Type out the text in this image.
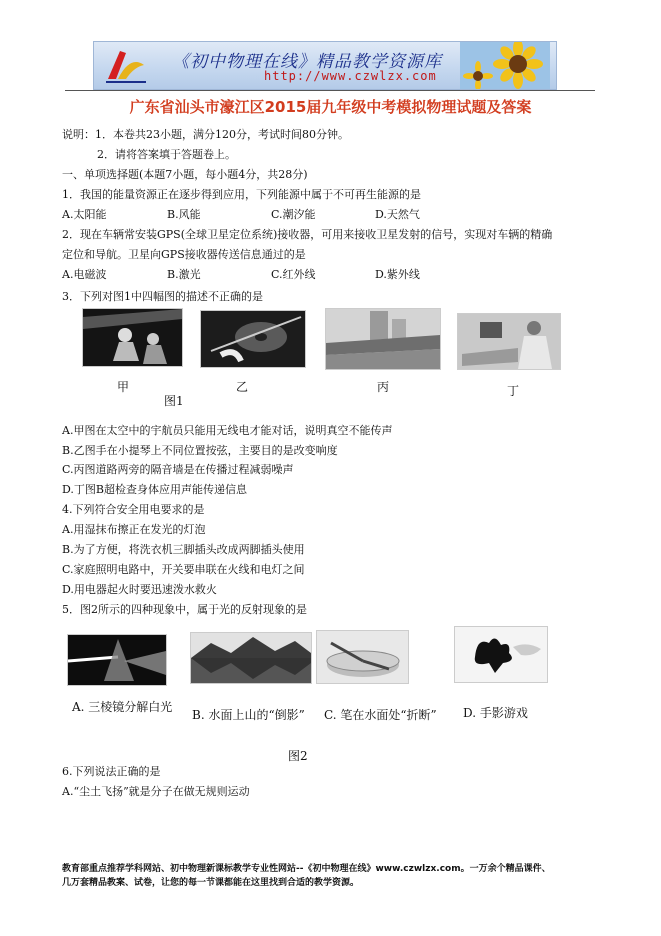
《初中物理在线》精品教学资源库
http://www.czwlzx.com
广东省汕头市濠江区2015届九年级中考模拟物理试题及答案
说明：1．本卷共23小题，满分120分，考试时间80分钟。
2．请将答案填于答题卷上。
一、单项选择题(本题7小题，每小题4分，共28分)
1．我国的能量资源正在逐步得到应用，下列能源中属于不可再生能源的是
A.太阳能	B.风能	C.潮汐能	D.天然气
2．现在车辆常安装GPS(全球卫星定位系统)接收器，可用来接收卫星发射的信号，实现对车辆的精确
定位和导航。卫星向GPS接收器传送信息通过的是
A.电磁波	B.激光	C.红外线	D.紫外线
3．下列对图1中四幅图的描述不正确的是
甲	乙	丙	丁
图1
A.甲图在太空中的宇航员只能用无线电才能对话，说明真空不能传声
B.乙图手在小提琴上不同位置按弦，主要目的是改变响度
C.丙图道路两旁的隔音墙是在传播过程减弱噪声
D.丁图B超检查身体应用声能传递信息
4.下列符合安全用电要求的是
A.用湿抹布擦正在发光的灯泡
B.为了方便，将洗衣机三脚插头改成两脚插头使用
C.家庭照明电路中，开关要串联在火线和电灯之间
D.用电器起火时要迅速泼水救火
5．图2所示的四种现象中，属于光的反射现象的是
A. 三棱镜分解白光
B. 水面上山的“倒影” C. 笔在水面处“折断” D. 手影游戏
图2
6.下列说法正确的是
A.“尘土飞扬”就是分子在做无规则运动
教育部重点推荐学科网站、初中物理新课标教学专业性网站--《初中物理在线》www.czwlzx.com。一万余个精品课件、
几万套精品教案、试卷，让您的每一节课都能在这里找到合适的教学资源。
